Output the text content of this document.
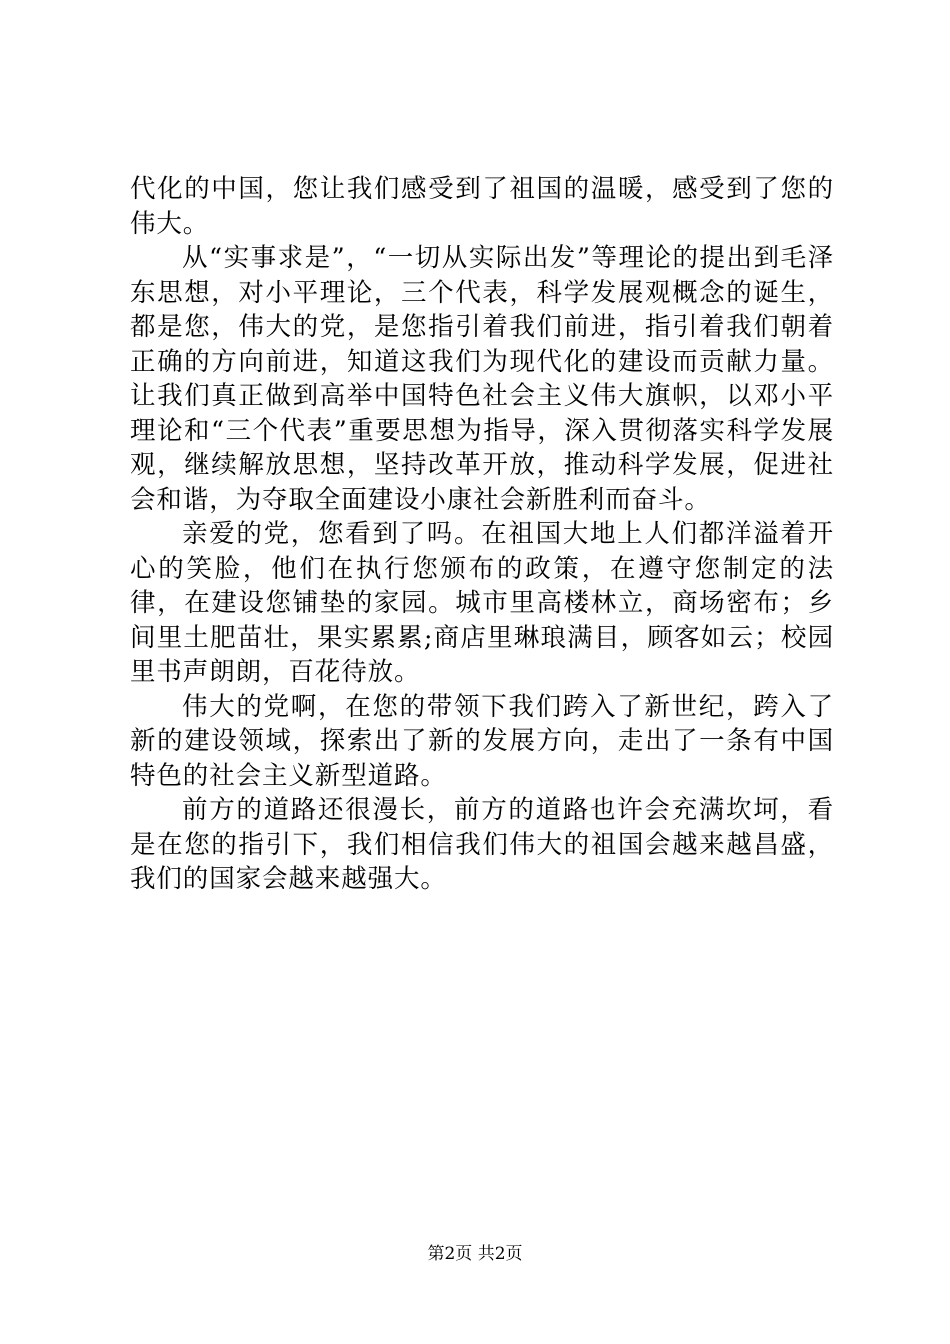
代化的中国，您让我们感受到了祖国的温暖，感受到了您的伟大。

从“实事求是”，“一切从实际出发”等理论的提出到毛泽东思想，对小平理论，三个代表，科学发展观概念的诞生，都是您，伟大的党，是您指引着我们前进，指引着我们朝着正确的方向前进，知道这我们为现代化的建设而贡献力量。让我们真正做到高举中国特色社会主义伟大旗帜，以邓小平理论和“三个代表”重要思想为指导，深入贯彻落实科学发展观，继续解放思想，坚持改革开放，推动科学发展，促进社会和谐，为夺取全面建设小康社会新胜利而奋斗。

亲爱的党，您看到了吗。在祖国大地上人们都洋溢着开心的笑脸，他们在执行您颁布的政策，在遵守您制定的法律，在建设您铺垫的家园。城市里高楼林立，商场密布；乡间里土肥苗壮，果实累累;商店里琳琅满目，顾客如云；校园里书声朗朗，百花待放。

伟大的党啊，在您的带领下我们跨入了新世纪，跨入了新的建设领域，探索出了新的发展方向，走出了一条有中国特色的社会主义新型道路。

前方的道路还很漫长，前方的道路也许会充满坎坷，看是在您的指引下，我们相信我们伟大的祖国会越来越昌盛，我们的国家会越来越强大。

第2页 共2页
